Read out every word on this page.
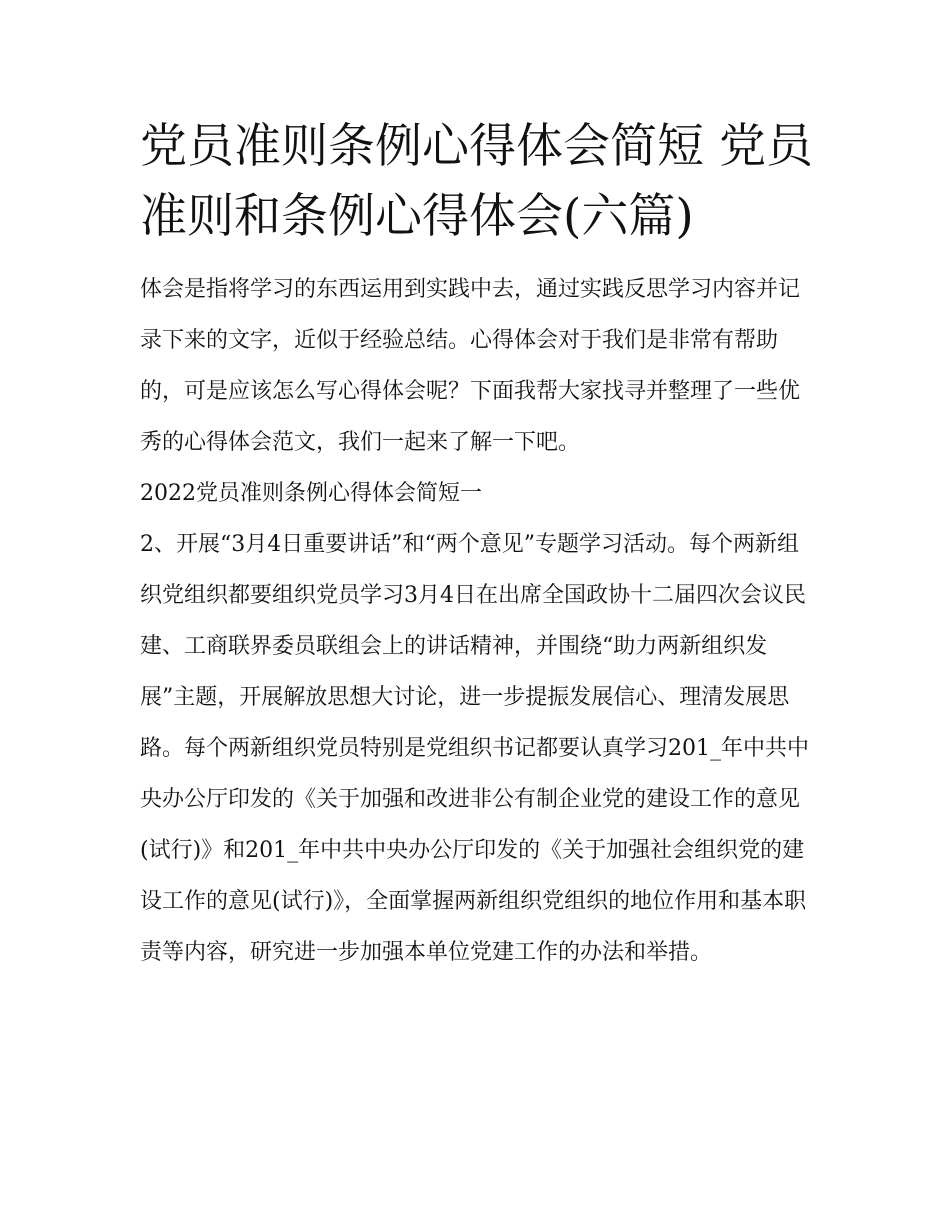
党员准则条例心得体会简短 党员准则和条例心得体会(六篇)

体会是指将学习的东西运用到实践中去，通过实践反思学习内容并记录下来的文字，近似于经验总结。心得体会对于我们是非常有帮助的，可是应该怎么写心得体会呢？下面我帮大家找寻并整理了一些优秀的心得体会范文，我们一起来了解一下吧。

2022党员准则条例心得体会简短一

2、开展“3月4日重要讲话”和“两个意见”专题学习活动。每个两新组织党组织都要组织党员学习3月4日在出席全国政协十二届四次会议民建、工商联界委员联组会上的讲话精神，并围绕“助力两新组织发展”主题，开展解放思想大讨论，进一步提振发展信心、理清发展思路。每个两新组织党员特别是党组织书记都要认真学习201_年中共中央办公厅印发的《关于加强和改进非公有制企业党的建设工作的意见(试行)》和201_年中共中央办公厅印发的《关于加强社会组织党的建设工作的意见(试行)》，全面掌握两新组织党组织的地位作用和基本职责等内容，研究进一步加强本单位党建工作的办法和举措。
